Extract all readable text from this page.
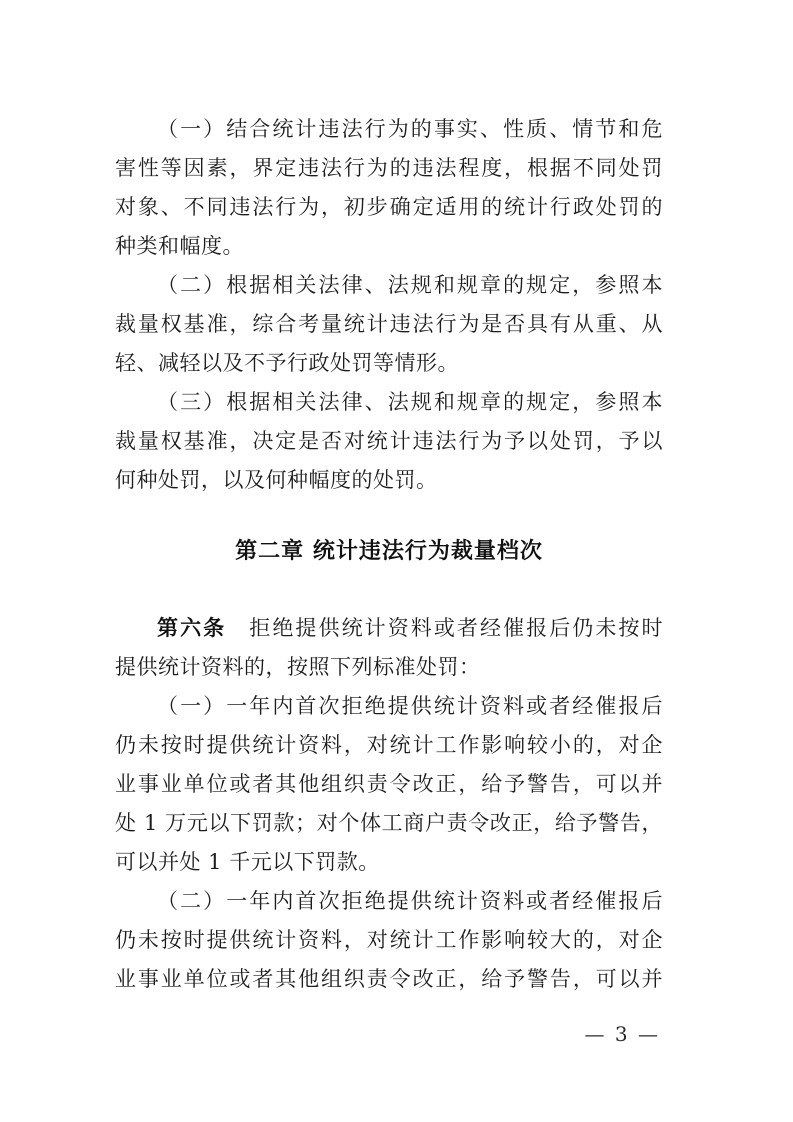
（一）结合统计违法行为的事实、性质、情节和危
害性等因素，界定违法行为的违法程度，根据不同处罚
对象、不同违法行为，初步确定适用的统计行政处罚的
种类和幅度。
（二）根据相关法律、法规和规章的规定，参照本
裁量权基准，综合考量统计违法行为是否具有从重、从
轻、减轻以及不予行政处罚等情形。
（三）根据相关法律、法规和规章的规定，参照本
裁量权基准，决定是否对统计违法行为予以处罚，予以
何种处罚，以及何种幅度的处罚。
第二章 统计违法行为裁量档次
第六条　拒绝提供统计资料或者经催报后仍未按时
提供统计资料的，按照下列标准处罚：
（一）一年内首次拒绝提供统计资料或者经催报后
仍未按时提供统计资料，对统计工作影响较小的，对企
业事业单位或者其他组织责令改正，给予警告，可以并
处 1 万元以下罚款；对个体工商户责令改正，给予警告，
可以并处 1 千元以下罚款。
（二）一年内首次拒绝提供统计资料或者经催报后
仍未按时提供统计资料，对统计工作影响较大的，对企
业事业单位或者其他组织责令改正，给予警告，可以并
— 3 —
